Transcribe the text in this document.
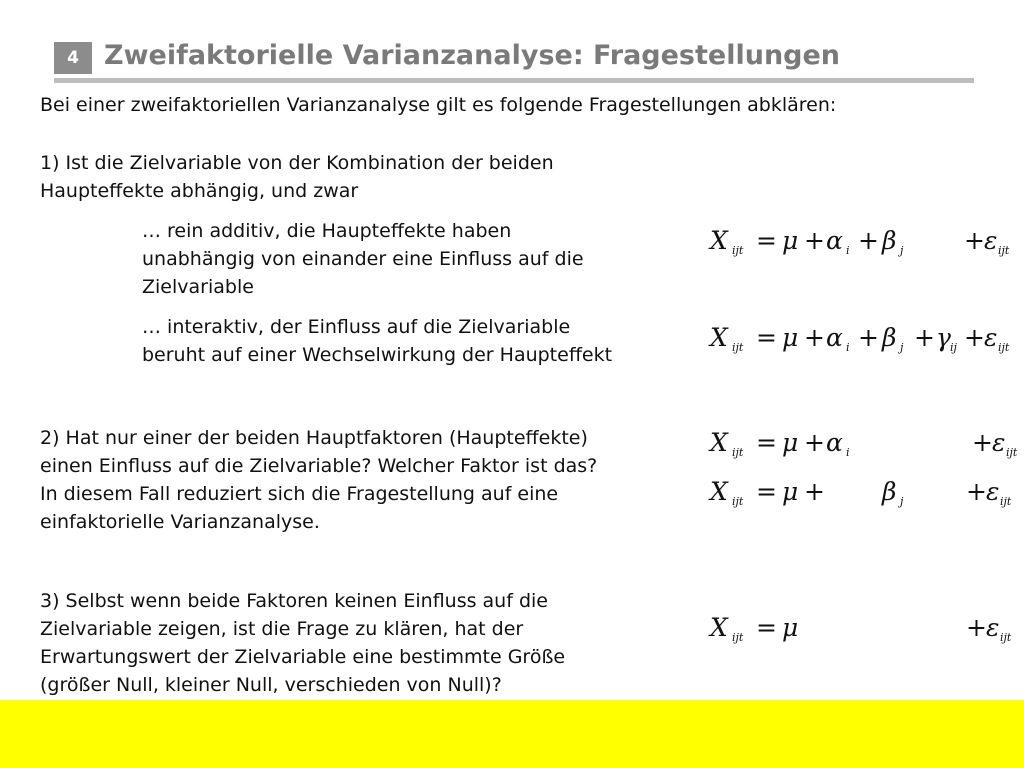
4 Zweifaktorielle Varianzanalyse: Fragestellungen
Bei einer zweifaktoriellen Varianzanalyse gilt es folgende Fragestellungen abklären:
1) Ist die Zielvariable von der Kombination der beiden
Haupteffekte abhängig, und zwar
… rein additiv, die Haupteffekte haben
unabhängig von einander eine Einfluss auf die
Zielvariable
… interaktiv, der Einfluss auf die Zielvariable
beruht auf einer Wechselwirkung der Haupteffekt
2) Hat nur einer der beiden Hauptfaktoren (Haupteffekte)
einen Einfluss auf die Zielvariable? Welcher Faktor ist das?
In diesem Fall reduziert sich die Fragestellung auf eine
einfaktorielle Varianzanalyse.
3) Selbst wenn beide Faktoren keinen Einfluss auf die
Zielvariable zeigen, ist die Frage zu klären, hat der
Erwartungswert der Zielvariable eine bestimmte Größe
(größer Null, kleiner Null, verschieden von Null)?
X ijt = μ + α i + β j + ε ijt
X ijt = μ + α i + β j + γ ij + ε ijt
X ijt = μ + α i	+ ε ijt
X ijt = μ + β j	+ ε ijt
X ijt = μ	+ ε ijt
